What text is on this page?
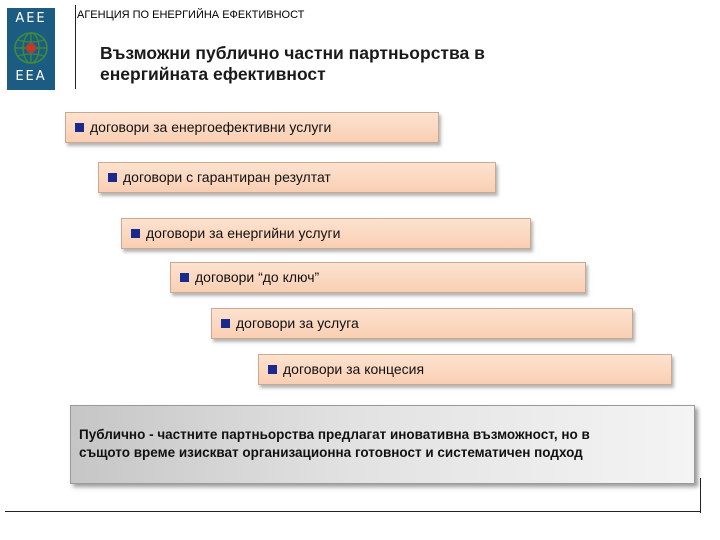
AEE
EEA
АГЕНЦИЯ ПО ЕНЕРГИЙНА ЕФЕКТИВНОСТ
Възможни публично частни партньорства в
енергийната ефективност
договори за енергоефективни услуги
договори с гарантиран резултат
договори за енергийни услуги
договори “до ключ”
договори за услуга
договори за концесия
Публично - частните партньорства предлагат иновативна възможност, но в
същото време изискват организационна готовност и систематичен подход
